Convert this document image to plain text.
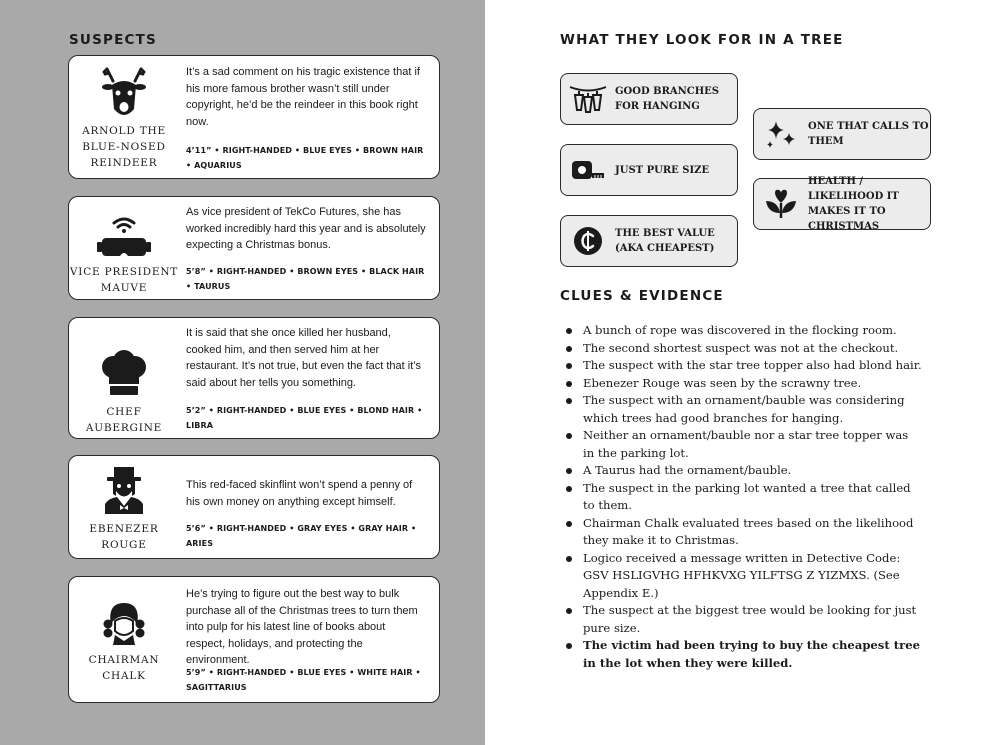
SUSPECTS
ARNOLD THE
BLUE-NOSED
REINDEER
It’s a sad comment on his tragic existence that if his more famous brother wasn’t still under copyright, he’d be the reindeer in this book right now.
4’11” • RIGHT-HANDED • BLUE EYES • BROWN HAIR • AQUARIUS
VICE PRESIDENT
MAUVE
As vice president of TekCo Futures, she has worked incredibly hard this year and is absolutely expecting a Christmas bonus.
5’8” • RIGHT-HANDED • BROWN EYES • BLACK HAIR • TAURUS
CHEF
AUBERGINE
It is said that she once killed her husband, cooked him, and then served him at her restaurant. It’s not true, but even the fact that it’s said about her tells you something.
5’2” • RIGHT-HANDED • BLUE EYES • BLOND HAIR • LIBRA
EBENEZER
ROUGE
This red-faced skinflint won’t spend a penny of his own money on anything except himself.
5’6” • RIGHT-HANDED • GRAY EYES • GRAY HAIR • ARIES
CHAIRMAN
CHALK
He’s trying to figure out the best way to bulk purchase all of the Christmas trees to turn them into pulp for his latest line of books about respect, holidays, and protecting the environment.
5’9” • RIGHT-HANDED • BLUE EYES • WHITE HAIR • SAGITTARIUS
WHAT THEY LOOK FOR IN A TREE
GOOD BRANCHES FOR HANGING
JUST PURE SIZE
THE BEST VALUE (AKA CHEAPEST)
ONE THAT CALLS TO THEM
HEALTH / LIKELIHOOD IT MAKES IT TO CHRISTMAS
CLUES & EVIDENCE
A bunch of rope was discovered in the flocking room.
The second shortest suspect was not at the checkout.
The suspect with the star tree topper also had blond hair.
Ebenezer Rouge was seen by the scrawny tree.
The suspect with an ornament/bauble was considering which trees had good branches for hanging.
Neither an ornament/bauble nor a star tree topper was in the parking lot.
A Taurus had the ornament/bauble.
The suspect in the parking lot wanted a tree that called to them.
Chairman Chalk evaluated trees based on the likelihood they make it to Christmas.
Logico received a message written in Detective Code: GSV HSLIGVHG HFHKVXG YILFTSG Z YIZMXS. (See Appendix E.)
The suspect at the biggest tree would be looking for just pure size.
The victim had been trying to buy the cheapest tree in the lot when they were killed.
